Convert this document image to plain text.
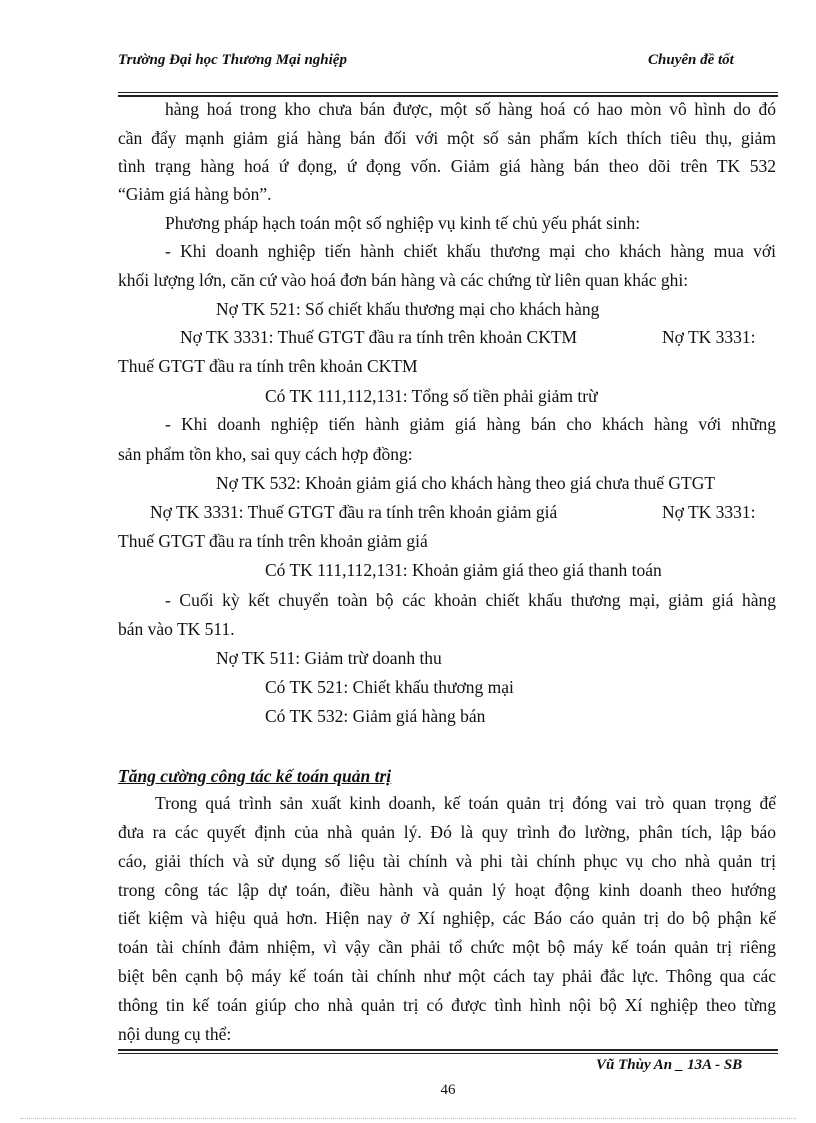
Trường Đại học Thương Mại nghiệp	Chuyên đề tốt
hàng hoá trong kho chưa bán được, một số hàng hoá có hao mòn vô hình do đó
cần đẩy mạnh giảm giá hàng bán đối với một số sản phẩm kích thích tiêu thụ, giảm
tình trạng hàng hoá ứ đọng, ứ đọng vốn. Giảm giá hàng bán theo dõi trên TK 532
“Giảm giá hàng bỏn”.
Phương pháp hạch toán một số nghiệp vụ kinh tế chủ yếu phát sinh:
- Khi doanh nghiệp tiến hành chiết khấu thương mại cho khách hàng mua với
khối lượng lớn, căn cứ vào hoá đơn bán hàng và các chứng từ liên quan khác ghi:
Nợ TK 521: Số chiết khấu thương mại cho khách hàng
Nợ TK 3331: Thuế GTGT đầu ra tính trên khoản CKTM	Nợ TK 3331:
Thuế GTGT đầu ra tính trên khoản CKTM
Có TK 111,112,131: Tổng số tiền phải giảm trừ
- Khi doanh nghiệp tiến hành giảm giá hàng bán cho khách hàng với những
sản phẩm tồn kho, sai quy cách hợp đồng:
Nợ TK 532: Khoản giảm giá cho khách hàng theo giá chưa thuế GTGT
Nợ TK 3331: Thuế GTGT đầu ra tính trên khoản giảm giá	Nợ TK 3331:
Thuế GTGT đầu ra tính trên khoản giảm giá
Có TK 111,112,131: Khoản giảm giá theo giá thanh toán
- Cuối kỳ kết chuyển toàn bộ các khoản chiết khấu thương mại, giảm giá hàng
bán vào TK 511.
Nợ TK 511: Giảm trừ doanh thu
Có TK 521: Chiết khấu thương mại
Có TK 532: Giảm giá hàng bán
Tăng cường công tác kế toán quản trị
Trong quá trình sản xuất kinh doanh, kế toán quản trị đóng vai trò quan trọng để
đưa ra các quyết định của nhà quản lý. Đó là quy trình đo lường, phân tích, lập báo
cáo, giải thích và sử dụng số liệu tài chính và phi tài chính phục vụ cho nhà quản trị
trong công tác lập dự toán, điều hành và quản lý hoạt động kinh doanh theo hướng
tiết kiệm và hiệu quả hơn. Hiện nay ở Xí nghiệp, các Báo cáo quản trị do bộ phận kế
toán tài chính đảm nhiệm, vì vậy cần phải tổ chức một bộ máy kế toán quản trị riêng
biệt bên cạnh bộ máy kế toán tài chính như một cách tay phải đắc lực. Thông qua các
thông tin kế toán giúp cho nhà quản trị có được tình hình nội bộ Xí nghiệp theo từng
nội dung cụ thể:
Vũ Thùy An _ 13A - SB
46
